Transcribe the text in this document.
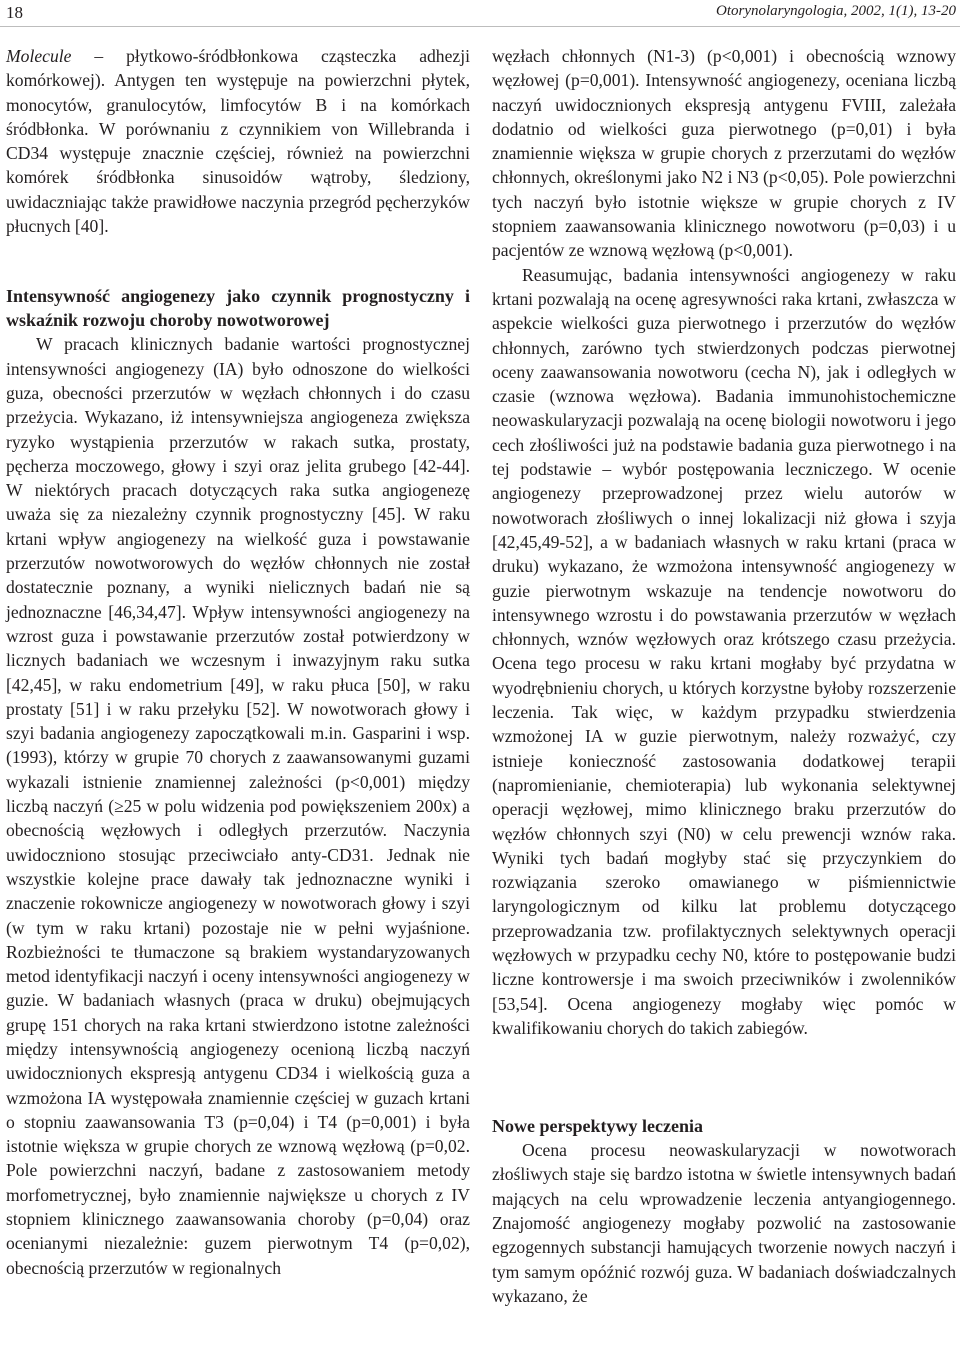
18	Otorynolaryngologia, 2002, 1(1), 13-20

Molecule – płytkowo-śródbłonkowa cząsteczka adhezji komórkowej). Antygen ten występuje na powierzchni płytek, monocytów, granulocytów, limfocytów B i na komórkach śródbłonka. W porównaniu z czynnikiem von Willebranda i CD34 występuje znacznie częściej, również na powierzchni komórek śródbłonka sinusoidów wątroby, śledziony, uwidaczniając także prawidłowe naczynia przegród pęcherzyków płucnych [40].

Intensywność angiogenezy jako czynnik prognostyczny i wskaźnik rozwoju choroby nowotworowej

W pracach klinicznych badanie wartości prognostycznej intensywności angiogenezy (IA) było odnoszone do wielkości guza, obecności przerzutów w węzłach chłonnych i do czasu przeżycia. Wykazano, iż intensywniejsza angiogeneza zwiększa ryzyko wystąpienia przerzutów w rakach sutka, prostaty, pęcherza moczowego, głowy i szyi oraz jelita grubego [42-44]. W niektórych pracach dotyczących raka sutka angiogenezę uważa się za niezależny czynnik prognostyczny [45]. W raku krtani wpływ angiogenezy na wielkość guza i powstawanie przerzutów nowotworowych do węzłów chłonnych nie został dostatecznie poznany, a wyniki nielicznych badań nie są jednoznaczne [46,34,47]. Wpływ intensywności angiogenezy na wzrost guza i powstawanie przerzutów został potwierdzony w licznych badaniach we wczesnym i inwazyjnym raku sutka [42,45], w raku endometrium [49], w raku płuca [50], w raku prostaty [51] i w raku przełyku [52]. W nowotworach głowy i szyi badania angiogenezy zapoczątkowali m.in. Gasparini i wsp. (1993), którzy w grupie 70 chorych z zaawansowanymi guzami wykazali istnienie znamiennej zależności (p<0,001) między liczbą naczyń (≥25 w polu widzenia pod powiększeniem 200x) a obecnością węzłowych i odległych przerzutów. Naczynia uwidoczniono stosując przeciwciało anty-CD31. Jednak nie wszystkie kolejne prace dawały tak jednoznaczne wyniki i znaczenie rokownicze angiogenezy w nowotworach głowy i szyi (w tym w raku krtani) pozostaje nie w pełni wyjaśnione. Rozbieżności te tłumaczone są brakiem wystandaryzowanych metod identyfikacji naczyń i oceny intensywności angiogenezy w guzie. W badaniach własnych (praca w druku) obejmujących grupę 151 chorych na raka krtani stwierdzono istotne zależności między intensywnością angiogenezy ocenioną liczbą naczyń uwidocznionych ekspresją antygenu CD34 i wielkością guza a wzmożona IA występowała znamiennie częściej w guzach krtani o stopniu zaawansowania T3 (p=0,04) i T4 (p=0,001) i była istotnie większa w grupie chorych ze wznową węzłową (p=0,02. Pole powierzchni naczyń, badane z zastosowaniem metody morfometrycznej, było znamiennie największe u chorych z IV stopniem klinicznego zaawansowania choroby (p=0,04) oraz ocenianymi niezależnie: guzem pierwotnym T4 (p=0,02), obecnością przerzutów w regionalnych

węzłach chłonnych (N1-3) (p<0,001) i obecnością wznowy węzłowej (p=0,001). Intensywność angiogenezy, oceniana liczbą naczyń uwidocznionych ekspresją antygenu FVIII, zależała dodatnio od wielkości guza pierwotnego (p=0,01) i była znamiennie większa w grupie chorych z przerzutami do węzłów chłonnych, określonymi jako N2 i N3 (p<0,05). Pole powierzchni tych naczyń było istotnie większe w grupie chorych z IV stopniem zaawansowania klinicznego nowotworu (p=0,03) i u pacjentów ze wznową węzłową (p<0,001).

Reasumując, badania intensywności angiogenezy w raku krtani pozwalają na ocenę agresywności raka krtani, zwłaszcza w aspekcie wielkości guza pierwotnego i przerzutów do węzłów chłonnych, zarówno tych stwierdzonych podczas pierwotnej oceny zaawansowania nowotworu (cecha N), jak i odległych w czasie (wznowa węzłowa). Badania immunohistochemiczne neowaskularyzacji pozwalają na ocenę biologii nowotworu i jego cech złośliwości już na podstawie badania guza pierwotnego i na tej podstawie – wybór postępowania leczniczego. W ocenie angiogenezy przeprowadzonej przez wielu autorów w nowotworach złośliwych o innej lokalizacji niż głowa i szyja [42,45,49-52], a w badaniach własnych w raku krtani (praca w druku) wykazano, że wzmożona intensywność angiogenezy w guzie pierwotnym wskazuje na tendencje nowotworu do intensywnego wzrostu i do powstawania przerzutów w węzłach chłonnych, wznów węzłowych oraz krótszego czasu przeżycia. Ocena tego procesu w raku krtani mogłaby być przydatna w wyodrębnieniu chorych, u których korzystne byłoby rozszerzenie leczenia. Tak więc, w każdym przypadku stwierdzenia wzmożonej IA w guzie pierwotnym, należy rozważyć, czy istnieje konieczność zastosowania dodatkowej terapii (napromienianie, chemioterapia) lub wykonania selektywnej operacji węzłowej, mimo klinicznego braku przerzutów do węzłów chłonnych szyi (N0) w celu prewencji wznów raka. Wyniki tych badań mogłyby stać się przyczynkiem do rozwiązania szeroko omawianego w piśmiennictwie laryngologicznym od kilku lat problemu dotyczącego przeprowadzania tzw. profilaktycznych selektywnych operacji węzłowych w przypadku cechy N0, które to postępowanie budzi liczne kontrowersje i ma swoich przeciwników i zwolenników [53,54]. Ocena angiogenezy mogłaby więc pomóc w kwalifikowaniu chorych do takich zabiegów.

Nowe perspektywy leczenia

Ocena procesu neowaskularyzacji w nowotworach złośliwych staje się bardzo istotna w świetle intensywnych badań mających na celu wprowadzenie leczenia antyangiogennego. Znajomość angiogenezy mogłaby pozwolić na zastosowanie egzogennych substancji hamujących tworzenie nowych naczyń i tym samym opóźnić rozwój guza. W badaniach doświadczalnych wykazano, że
